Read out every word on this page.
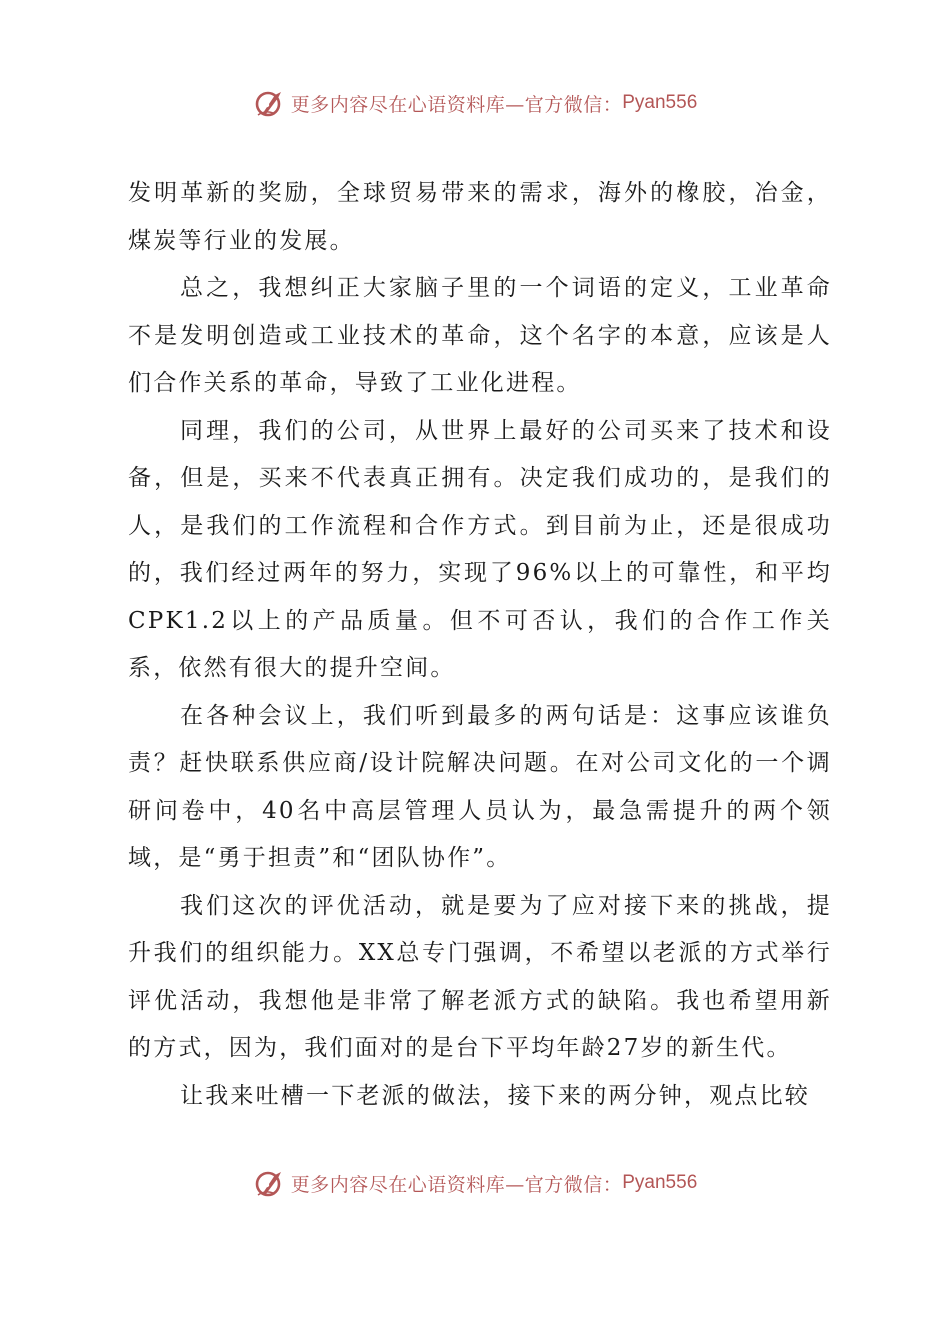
更多内容尽在心语资料库—官方微信： Pyan556

发明革新的奖励，全球贸易带来的需求，海外的橡胶，冶金，煤炭等行业的发展。

总之，我想纠正大家脑子里的一个词语的定义，工业革命不是发明创造或工业技术的革命，这个名字的本意，应该是人们合作关系的革命，导致了工业化进程。

同理，我们的公司，从世界上最好的公司买来了技术和设备，但是，买来不代表真正拥有。决定我们成功的，是我们的人，是我们的工作流程和合作方式。到目前为止，还是很成功的，我们经过两年的努力，实现了96%以上的可靠性，和平均CPK1.2以上的产品质量。但不可否认，我们的合作工作关系，依然有很大的提升空间。

在各种会议上，我们听到最多的两句话是：这事应该谁负责？赶快联系供应商/设计院解决问题。在对公司文化的一个调研问卷中，40名中高层管理人员认为，最急需提升的两个领域，是“勇于担责”和“团队协作”。

我们这次的评优活动，就是要为了应对接下来的挑战，提升我们的组织能力。XX总专门强调，不希望以老派的方式举行评优活动，我想他是非常了解老派方式的缺陷。我也希望用新的方式，因为，我们面对的是台下平均年龄27岁的新生代。

让我来吐槽一下老派的做法，接下来的两分钟，观点比较

更多内容尽在心语资料库—官方微信： Pyan556
